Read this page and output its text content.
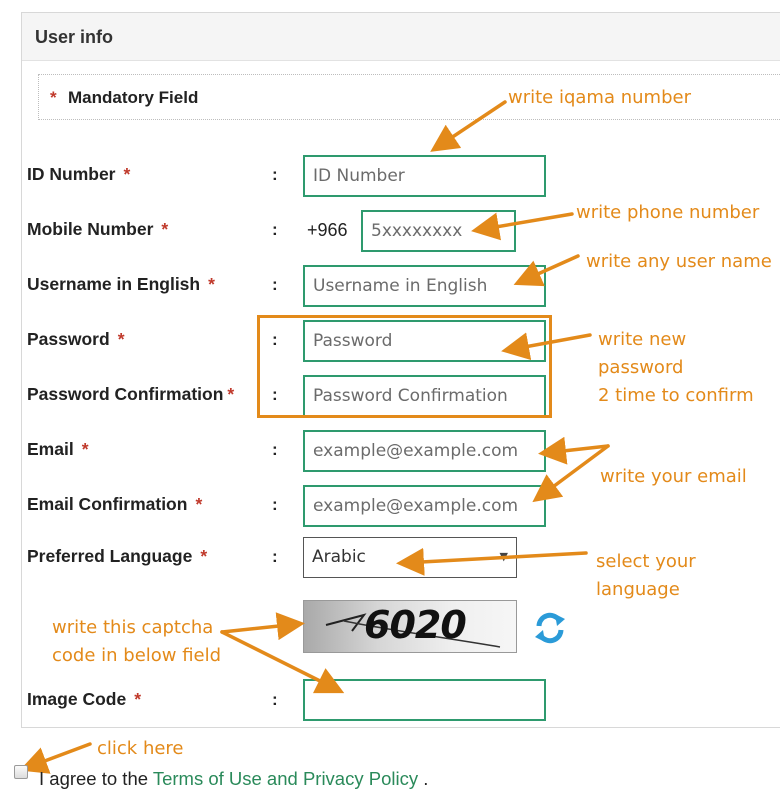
User info
* Mandatory Field
ID Number *
Mobile Number *
Username in English *
Password *
Password Confirmation *
Email *
Email Confirmation *
Preferred Language *
Image Code *
:
:
:
:
:
:
:
:
:
ID Number
+966	5xxxxxxxx
Username in English
Password
Password Confirmation
example@example.com
example@example.com
Arabic	▼
6020
write iqama number
write phone number
write any user name
write new
password
2 time to confirm
write your email
select your
language
write this captcha
code in below field
click here
I agree to the Terms of Use and Privacy Policy .
